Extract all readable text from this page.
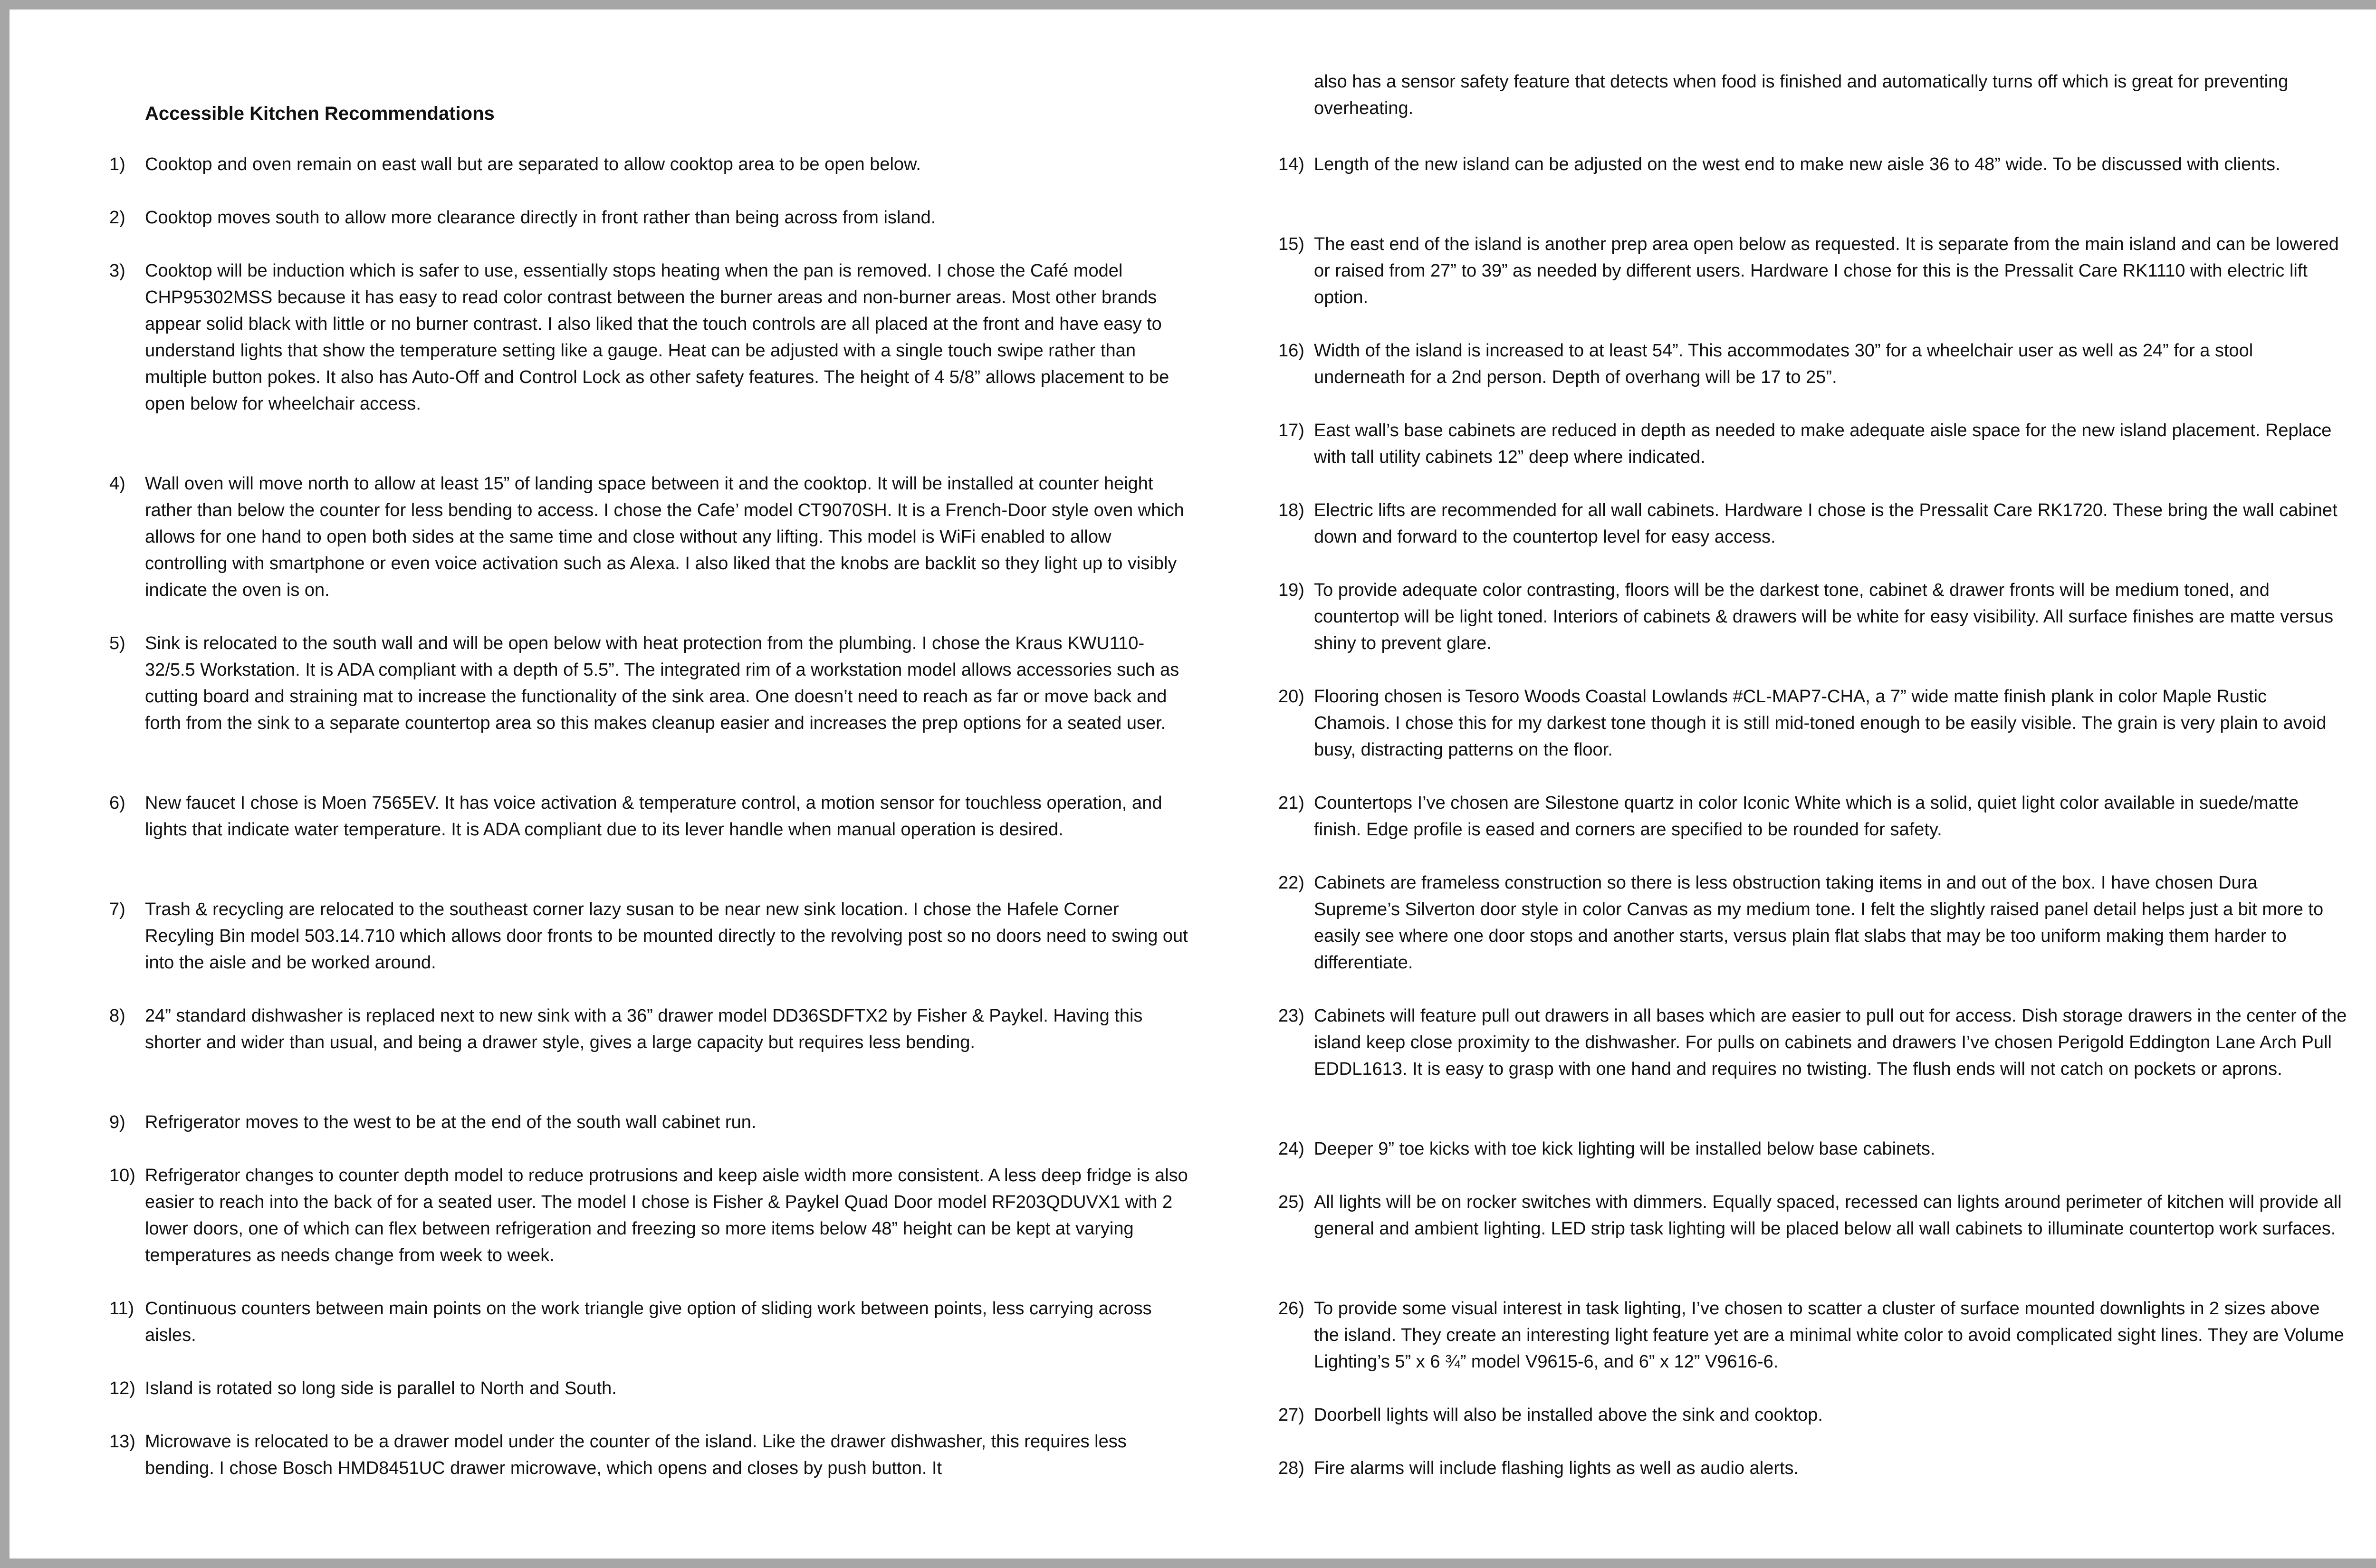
Accessible Kitchen Recommendations
1) Cooktop and oven remain on east wall but are separated to allow cooktop area to be open below.

2) Cooktop moves south to allow more clearance directly in front rather than being across from island.

3) Cooktop will be induction which is safer to use, essentially stops heating when the pan is removed. I chose the Café model CHP95302MSS because it has easy to read color contrast between the burner areas and non-burner areas. Most other brands appear solid black with little or no burner contrast. I also liked that the touch controls are all placed at the front and have easy to understand lights that show the temperature setting like a gauge. Heat can be adjusted with a single touch swipe rather than multiple button pokes. It also has Auto-Off and Control Lock as other safety features. The height of 4 5/8” allows placement to be open below for wheelchair access.

4) Wall oven will move north to allow at least 15” of landing space between it and the cooktop. It will be installed at counter height rather than below the counter for less bending to access. I chose the Cafe’ model CT9070SH. It is a French-Door style oven which allows for one hand to open both sides at the same time and close without any lifting. This model is WiFi enabled to allow controlling with smartphone or even voice activation such as Alexa. I also liked that the knobs are backlit so they light up to visibly indicate the oven is on.

5) Sink is relocated to the south wall and will be open below with heat protection from the plumbing. I chose the Kraus KWU110-32/5.5 Workstation. It is ADA compliant with a depth of 5.5”. The integrated rim of a workstation model allows accessories such as cutting board and straining mat to increase the functionality of the sink area. One doesn’t need to reach as far or move back and forth from the sink to a separate countertop area so this makes cleanup easier and increases the prep options for a seated user.

6) New faucet I chose is Moen 7565EV. It has voice activation & temperature control, a motion sensor for touchless operation, and lights that indicate water temperature. It is ADA compliant due to its lever handle when manual operation is desired.

7) Trash & recycling are relocated to the southeast corner lazy susan to be near new sink location. I chose the Hafele Corner Recyling Bin model 503.14.710 which allows door fronts to be mounted directly to the revolving post so no doors need to swing out into the aisle and be worked around.

8) 24” standard dishwasher is replaced next to new sink with a 36” drawer model DD36SDFTX2 by Fisher & Paykel. Having this shorter and wider than usual, and being a drawer style, gives a large capacity but requires less bending.

9) Refrigerator moves to the west to be at the end of the south wall cabinet run.

10) Refrigerator changes to counter depth model to reduce protrusions and keep aisle width more consistent. A less deep fridge is also easier to reach into the back of for a seated user. The model I chose is Fisher & Paykel Quad Door model RF203QDUVX1 with 2 lower doors, one of which can flex between refrigeration and freezing so more items below 48” height can be kept at varying temperatures as needs change from week to week.

11) Continuous counters between main points on the work triangle give option of sliding work between points, less carrying across aisles.

12) Island is rotated so long side is parallel to North and South.

13) Microwave is relocated to be a drawer model under the counter of the island. Like the drawer dishwasher, this requires less bending. I chose Bosch HMD8451UC drawer microwave, which opens and closes by push button. It

also has a sensor safety feature that detects when food is finished and automatically turns off which is great for preventing overheating.

14) Length of the new island can be adjusted on the west end to make new aisle 36 to 48” wide. To be discussed with clients.

15) The east end of the island is another prep area open below as requested. It is separate from the main island and can be lowered or raised from 27” to 39” as needed by different users. Hardware I chose for this is the Pressalit Care RK1110 with electric lift option.

16) Width of the island is increased to at least 54”. This accommodates 30” for a wheelchair user as well as 24” for a stool underneath for a 2nd person. Depth of overhang will be 17 to 25”.

17) East wall’s base cabinets are reduced in depth as needed to make adequate aisle space for the new island placement. Replace with tall utility cabinets 12” deep where indicated.

18) Electric lifts are recommended for all wall cabinets. Hardware I chose is the Pressalit Care RK1720. These bring the wall cabinet down and forward to the countertop level for easy access.

19) To provide adequate color contrasting, floors will be the darkest tone, cabinet & drawer fronts will be medium toned, and countertop will be light toned. Interiors of cabinets & drawers will be white for easy visibility. All surface finishes are matte versus shiny to prevent glare.

20) Flooring chosen is Tesoro Woods Coastal Lowlands #CL-MAP7-CHA, a 7” wide matte finish plank in color Maple Rustic Chamois. I chose this for my darkest tone though it is still mid-toned enough to be easily visible. The grain is very plain to avoid busy, distracting patterns on the floor.

21) Countertops I’ve chosen are Silestone quartz in color Iconic White which is a solid, quiet light color available in suede/matte finish. Edge profile is eased and corners are specified to be rounded for safety.

22) Cabinets are frameless construction so there is less obstruction taking items in and out of the box. I have chosen Dura Supreme’s Silverton door style in color Canvas as my medium tone. I felt the slightly raised panel detail helps just a bit more to easily see where one door stops and another starts, versus plain flat slabs that may be too uniform making them harder to differentiate.

23) Cabinets will feature pull out drawers in all bases which are easier to pull out for access. Dish storage drawers in the center of the island keep close proximity to the dishwasher. For pulls on cabinets and drawers I’ve chosen Perigold Eddington Lane Arch Pull EDDL1613. It is easy to grasp with one hand and requires no twisting. The flush ends will not catch on pockets or aprons.

24) Deeper 9” toe kicks with toe kick lighting will be installed below base cabinets.

25) All lights will be on rocker switches with dimmers. Equally spaced, recessed can lights around perimeter of kitchen will provide all general and ambient lighting. LED strip task lighting will be placed below all wall cabinets to illuminate countertop work surfaces.

26) To provide some visual interest in task lighting, I’ve chosen to scatter a cluster of surface mounted downlights in 2 sizes above the island. They create an interesting light feature yet are a minimal white color to avoid complicated sight lines. They are Volume Lighting’s 5” x 6 ¾” model V9615-6, and 6” x 12” V9616-6.

27) Doorbell lights will also be installed above the sink and cooktop.

28) Fire alarms will include flashing lights as well as audio alerts.
